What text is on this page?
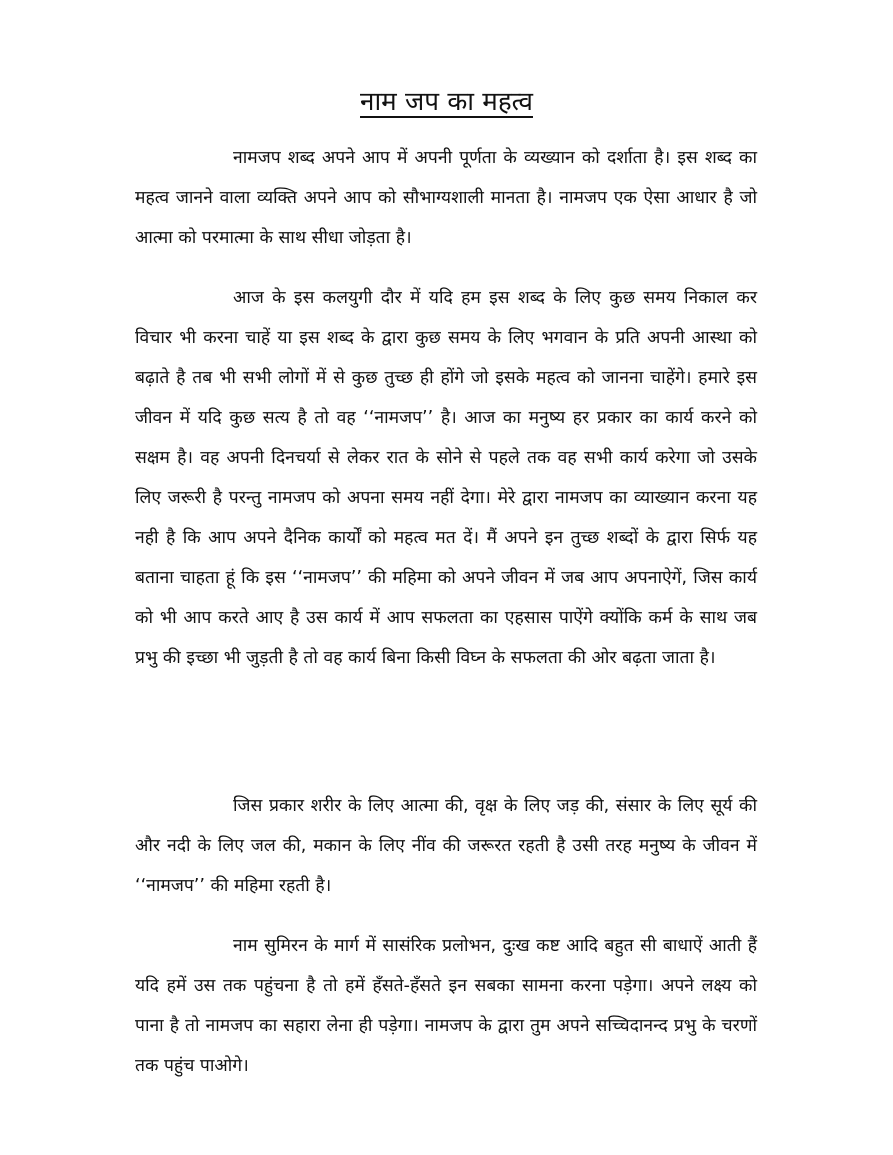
नाम जप का महत्व

नामजप शब्द अपने आप में अपनी पूर्णता के व्यख्यान को दर्शाता है। इस शब्द का महत्व जानने वाला व्यक्ति अपने आप को सौभाग्यशाली मानता है। नामजप एक ऐसा आधार है जो आत्मा को परमात्मा के साथ सीधा जोड़ता है।

आज के इस कलयुगी दौर में यदि हम इस शब्द के लिए कुछ समय निकाल कर विचार भी करना चाहें या इस शब्द के द्वारा कुछ समय के लिए भगवान के प्रति अपनी आस्था को बढ़ाते है तब भी सभी लोगों में से कुछ तुच्छ ही होंगे जो इसके महत्व को जानना चाहेंगे। हमारे इस जीवन में यदि कुछ सत्य है तो वह ‘‘नामजप’’ है। आज का मनुष्य हर प्रकार का कार्य करने को सक्षम है। वह अपनी दिनचर्या से लेकर रात के सोने से पहले तक वह सभी कार्य करेगा जो उसके लिए जरूरी है परन्तु नामजप को अपना समय नहीं देगा। मेरे द्वारा नामजप का व्याख्यान करना यह नही है कि आप अपने दैनिक कार्यों को महत्व मत दें। मैं अपने इन तुच्छ शब्दों के द्वारा सिर्फ यह बताना चाहता हूं कि इस ‘‘नामजप’’ की महिमा को अपने जीवन में जब आप अपनाऐगें, जिस कार्य को भी आप करते आए है उस कार्य में आप सफलता का एहसास पाऐंगे क्योंकि कर्म के साथ जब प्रभु की इच्छा भी जुड़ती है तो वह कार्य बिना किसी विघ्न के सफलता की ओर बढ़ता जाता है।

जिस प्रकार शरीर के लिए आत्मा की, वृक्ष के लिए जड़ की, संसार के लिए सूर्य की और नदी के लिए जल की, मकान के लिए नींव की जरूरत रहती है उसी तरह मनुष्य के जीवन में ‘‘नामजप’’ की महिमा रहती है।

नाम सुमिरन के मार्ग में सासंरिक प्रलोभन, दुःख कष्ट आदि बहुत सी बाधाऐं आती हैं यदि हमें उस तक पहुंचना है तो हमें हँसते-हँसते इन सबका सामना करना पड़ेगा। अपने लक्ष्य को पाना है तो नामजप का सहारा लेना ही पड़ेगा। नामजप के द्वारा तुम अपने सच्चिदानन्द प्रभु के चरणों तक पहुंच पाओगे।
